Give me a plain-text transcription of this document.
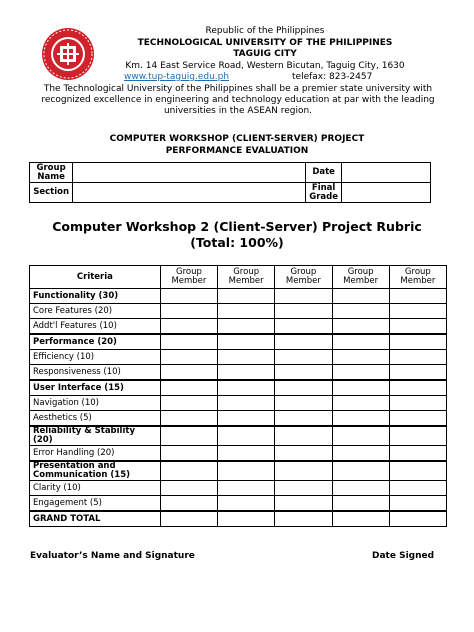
Republic of the Philippines
TECHNOLOGICAL UNIVERSITY OF THE PHILIPPINES
TAGUIG CITY
Km. 14 East Service Road, Western Bicutan, Taguig City, 1630
www.tup-taguig.edu.ph	telefax: 823-2457
The Technological University of the Philippines shall be a premier state university with recognized excellence in engineering and technology education at par with the leading universities in the ASEAN region.
COMPUTER WORKSHOP (CLIENT-SERVER) PROJECT
PERFORMANCE EVALUATION
Group Name		Date	
Section		Final Grade	
Computer Workshop 2 (Client-Server) Project Rubric (Total: 100%)
Criteria	Group Member	Group Member	Group Member	Group Member	Group Member
Functionality (30)					
Core Features (20)					
Addt'l Features (10)					
Performance (20)					
Efficiency (10)					
Responsiveness (10)					
User Interface (15)					
Navigation (10)					
Aesthetics (5)					
Reliability & Stability (20)					
Error Handling (20)					
Presentation and Communication (15)					
Clarity (10)					
Engagement (5)					
GRAND TOTAL					
Evaluator’s Name and Signature	Date Signed
